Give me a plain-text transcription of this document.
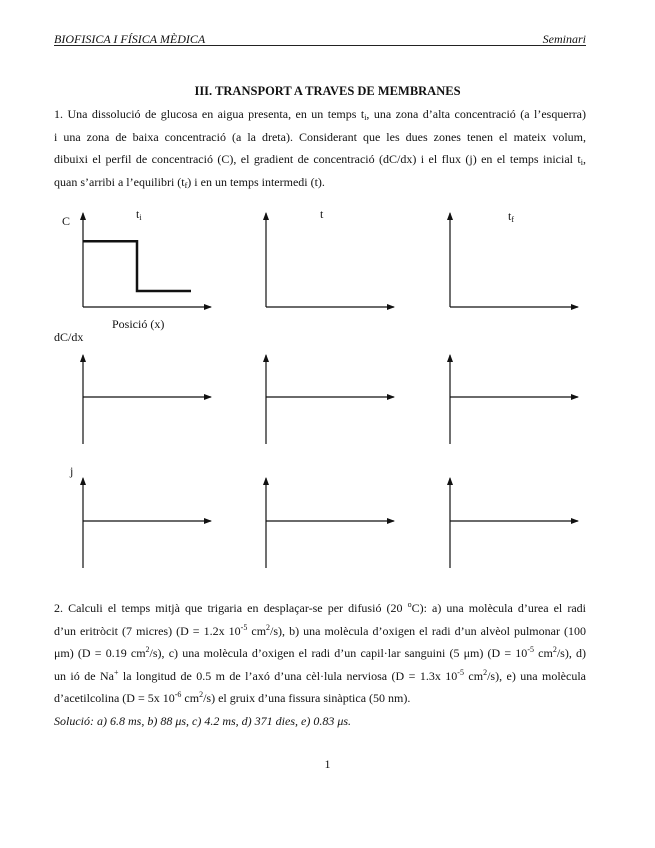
BIOFISICA I FÍSICA MÈDICA	Seminari
III. TRANSPORT A TRAVES DE MEMBRANES
1. Una dissolució de glucosa en aigua presenta, en un temps $t_i$, una zona d’alta concentració (a l’esquerra)
i una zona de baixa concentració (a la dreta). Considerant que les dues zones tenen el mateix volum,
dibuixi el perfil de concentració (C), el gradient de concentració (dC/dx) i el flux (j) en el temps inicial $t_i$,
quan s’arribi a l’equilibri $(t_f)$ i en un temps intermedi (t).
C
dC/dx
j
$t_i$	t	$t_f$
Posició (x)
2. Calculi el temps mitjà que trigaria en desplaçar-se per difusió (20 $^o$C): a) una molècula d’urea el radi
d’un eritròcit (7 micres) (D = 1.2x $10^{-5}$ $cm^2/s$), b) una molècula d’oxigen el radi d’un alvèol pulmonar (100
μm) (D = 0.19 $cm^2/s$), c) una molècula d’oxigen el radi d’un capil·lar sanguini (5 μm) ($D = 10^{-5}$ $cm^2/s$), d)
un ió de Na+ la longitud de 0.5 m de l’axó d’una cèl·lula nerviosa (D = 1.3x $10^{-5}$ $cm^2/s$), e) una molècula
d’acetilcolina (D = 5x $10^{-6}$ $cm^2/s$) el gruix d’una fissura sinàptica (50 nm).
Solució: a) 6.8 ms, b) 88 μs, c) 4.2 ms, d) 371 dies, e) 0.83 μs.
1
